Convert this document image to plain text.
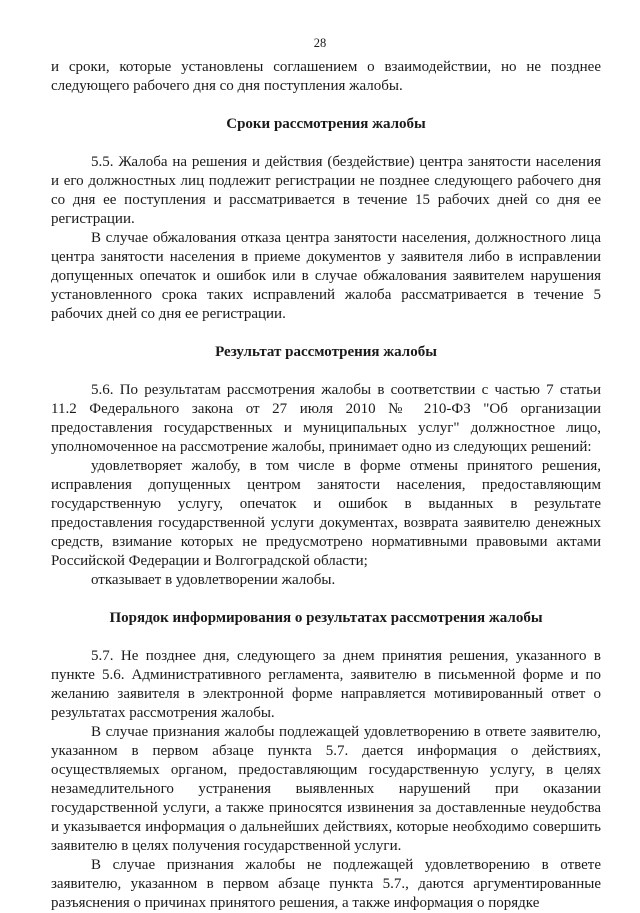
28

и сроки, которые установлены соглашением о взаимодействии, но не позднее следующего рабочего дня со дня поступления жалобы.

Сроки рассмотрения жалобы

5.5. Жалоба на решения и действия (бездействие) центра занятости населения и его должностных лиц подлежит регистрации не позднее следующего рабочего дня со дня ее поступления и рассматривается в течение 15 рабочих дней со дня ее регистрации.

В случае обжалования отказа центра занятости населения, должностного лица центра занятости населения в приеме документов у заявителя либо в исправлении допущенных опечаток и ошибок или в случае обжалования заявителем нарушения установленного срока таких исправлений жалоба рассматривается в течение 5 рабочих дней со дня ее регистрации.

Результат рассмотрения жалобы

5.6. По результатам рассмотрения жалобы в соответствии с частью 7 статьи 11.2 Федерального закона от 27 июля 2010 № 210-ФЗ "Об организации предоставления государственных и муниципальных услуг" должностное лицо, уполномоченное на рассмотрение жалобы, принимает одно из следующих решений:

удовлетворяет жалобу, в том числе в форме отмены принятого решения, исправления допущенных центром занятости населения, предоставляющим государственную услугу, опечаток и ошибок в выданных в результате предоставления государственной услуги документах, возврата заявителю денежных средств, взимание которых не предусмотрено нормативными правовыми актами Российской Федерации и Волгоградской области;

отказывает в удовлетворении жалобы.

Порядок информирования о результатах рассмотрения жалобы

5.7. Не позднее дня, следующего за днем принятия решения, указанного в пункте 5.6. Административного регламента, заявителю в письменной форме и по желанию заявителя в электронной форме направляется мотивированный ответ о результатах рассмотрения жалобы.

В случае признания жалобы подлежащей удовлетворению в ответе заявителю, указанном в первом абзаце пункта 5.7. дается информация о действиях, осуществляемых органом, предоставляющим государственную услугу, в целях незамедлительного устранения выявленных нарушений при оказании государственной услуги, а также приносятся извинения за доставленные неудобства и указывается информация о дальнейших действиях, которые необходимо совершить заявителю в целях получения государственной услуги.

В случае признания жалобы не подлежащей удовлетворению в ответе заявителю, указанном в первом абзаце пункта 5.7., даются аргументированные разъяснения о причинах принятого решения, а также информация о порядке
